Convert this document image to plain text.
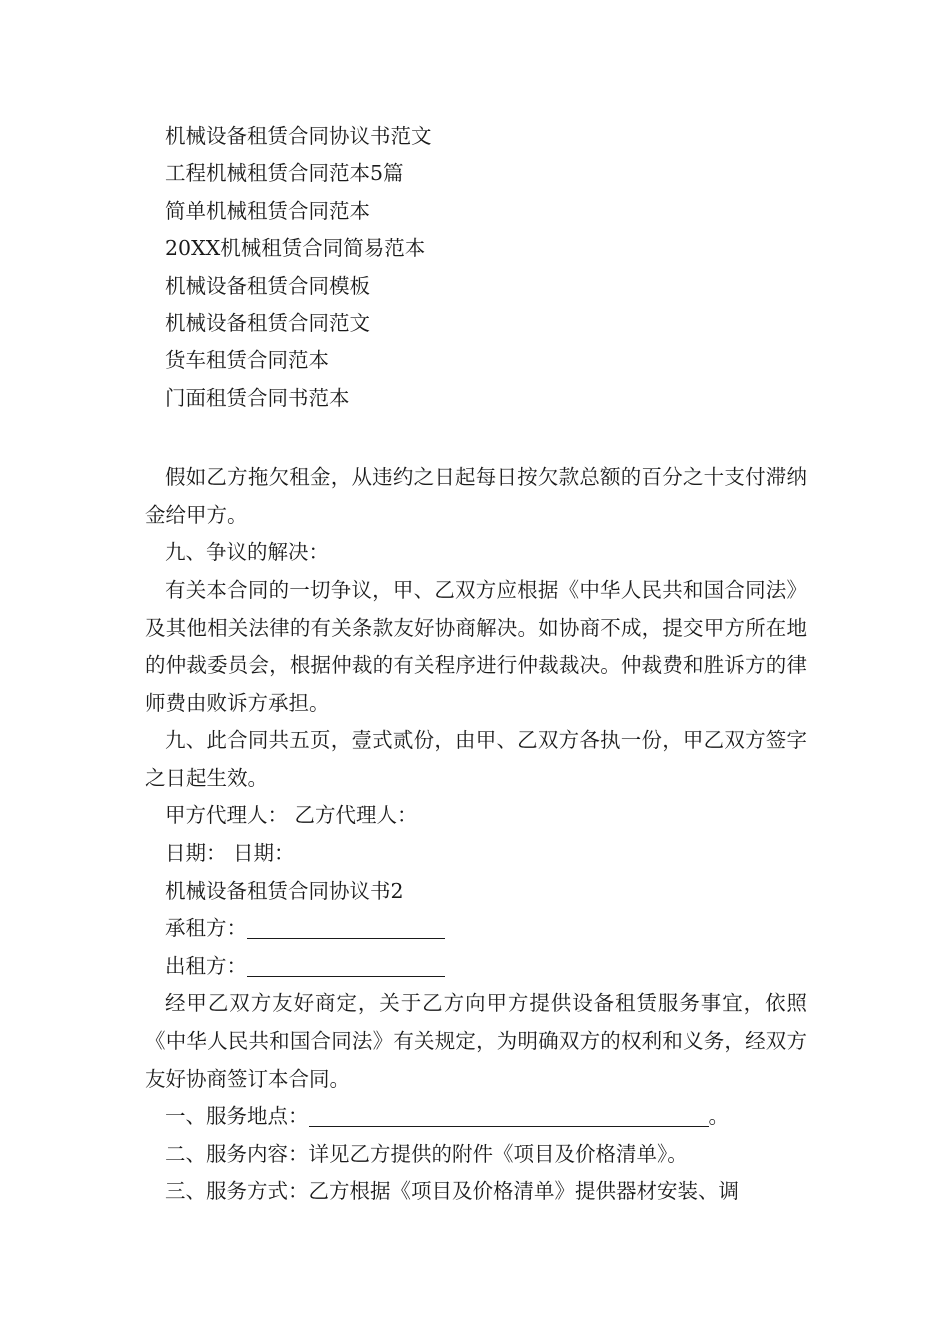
机械设备租赁合同协议书范文
工程机械租赁合同范本5篇
简单机械租赁合同范本
20XX机械租赁合同简易范本
机械设备租赁合同模板
机械设备租赁合同范文
货车租赁合同范本
门面租赁合同书范本

假如乙方拖欠租金，从违约之日起每日按欠款总额的百分之十支付滞纳金给甲方。

九、争议的解决：

有关本合同的一切争议，甲、乙双方应根据《中华人民共和国合同法》及其他相关法律的有关条款友好协商解决。如协商不成，提交甲方所在地的仲裁委员会，根据仲裁的有关程序进行仲裁裁决。仲裁费和胜诉方的律师费由败诉方承担。

九、此合同共五页，壹式贰份，由甲、乙双方各执一份，甲乙双方签字之日起生效。

甲方代理人： 乙方代理人：

日期： 日期：

机械设备租赁合同协议书2

承租方：

出租方：

经甲乙双方友好商定，关于乙方向甲方提供设备租赁服务事宜，依照《中华人民共和国合同法》有关规定，为明确双方的权利和义务，经双方友好协商签订本合同。

一、服务地点：	。

二、服务内容：详见乙方提供的附件《项目及价格清单》。

三、服务方式：乙方根据《项目及价格清单》提供器材安装、调
